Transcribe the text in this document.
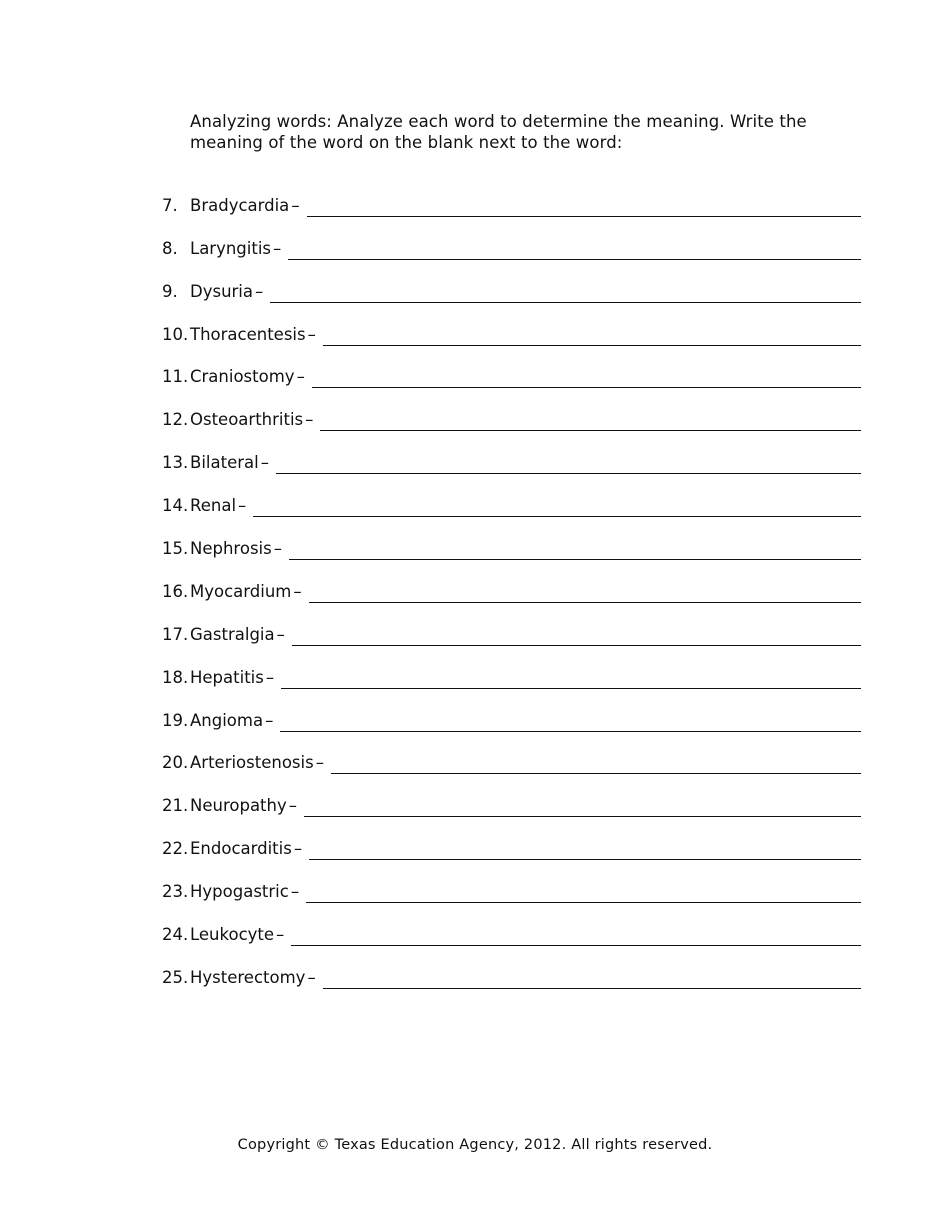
Analyzing words: Analyze each word to determine the meaning. Write the meaning of the word on the blank next to the word:

7. Bradycardia –
8. Laryngitis –
9. Dysuria –
10. Thoracentesis –
11. Craniostomy –
12. Osteoarthritis –
13. Bilateral –
14. Renal –
15. Nephrosis –
16. Myocardium –
17. Gastralgia –
18. Hepatitis –
19. Angioma –
20. Arteriostenosis –
21. Neuropathy –
22. Endocarditis –
23. Hypogastric –
24. Leukocyte –
25. Hysterectomy –

Copyright © Texas Education Agency, 2012. All rights reserved.
